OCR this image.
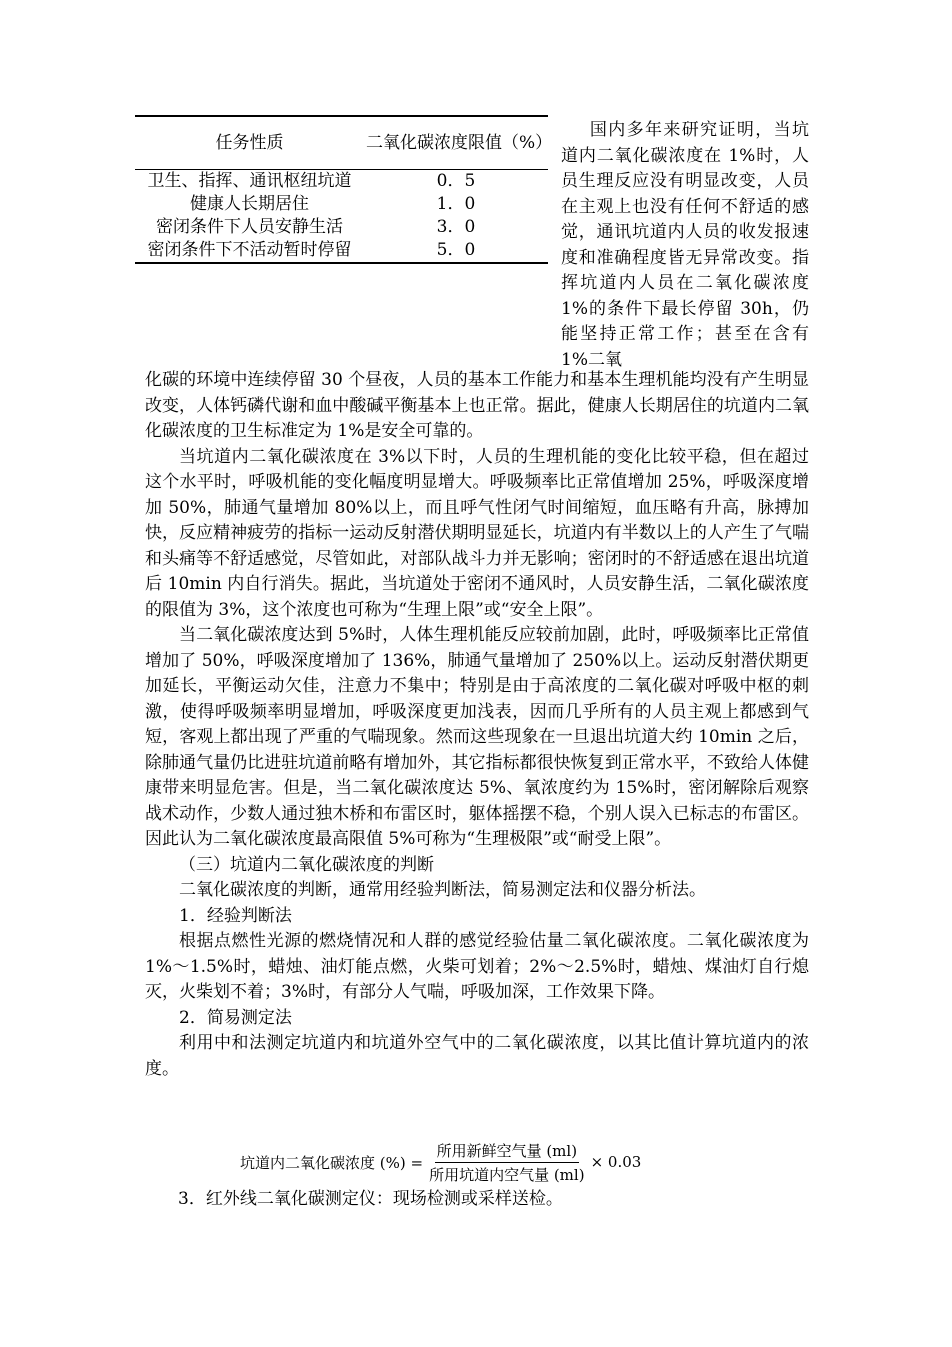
任务性质	二氧化碳浓度限值（%）
卫生、指挥、通讯枢纽坑道	0．5
健康人长期居住	1．0
密闭条件下人员安静生活	3．0
密闭条件下不活动暂时停留	5．0

国内多年来研究证明，当坑道内二氧化碳浓度在 1%时，人员生理反应没有明显改变，人员在主观上也没有任何不舒适的感觉，通讯坑道内人员的收发报速度和准确程度皆无异常改变。指挥坑道内人员在二氧化碳浓度 1%的条件下最长停留 30h，仍能坚持正常工作；甚至在含有 1%二氧

化碳的环境中连续停留 30 个昼夜，人员的基本工作能力和基本生理机能均没有产生明显改变，人体钙磷代谢和血中酸碱平衡基本上也正常。据此，健康人长期居住的坑道内二氧化碳浓度的卫生标准定为 1%是安全可靠的。

当坑道内二氧化碳浓度在 3%以下时，人员的生理机能的变化比较平稳，但在超过　　　　　　　这个水平时，呼吸机能的变化幅度明显增大。呼吸频率比正常值增加 25%，呼吸深度增加 50%，肺通气量增加 80%以上，而且呼气性闭气时间缩短，血压略有升高，脉搏加快，反应精神疲劳的指标一运动反射潜伏期明显延长，坑道内有半数以上的人产生了气喘和头痛等不舒适感觉，尽管如此，对部队战斗力并无影响；密闭时的不舒适感在退出坑道后 10min 内自行消失。据此，当坑道处于密闭不通风时，人员安静生活，二氧化碳浓度的限值为 3%，这个浓度也可称为“生理上限”或“安全上限”。

当二氧化碳浓度达到 5%时，人体生理机能反应较前加剧，此时，呼吸频率比正常值增加了 50%，呼吸深度增加了 136%，肺通气量增加了 250%以上。运动反射潜伏期更加延长，平衡运动欠佳，注意力不集中；特别是由于高浓度的二氧化碳对呼吸中枢的刺激，使得呼吸频率明显增加，呼吸深度更加浅表，因而几乎所有的人员主观上都感到气短，客观上都出现了严重的气喘现象。然而这些现象在一旦退出坑道大约 10min 之后，除肺通气量仍比进驻坑道前略有增加外，其它指标都很快恢复到正常水平，不致给人体健康带来明显危害。但是，当二氧化碳浓度达 5%、氧浓度约为 15%时，密闭解除后观察战术动作，少数人通过独木桥和布雷区时，躯体摇摆不稳，个别人误入已标志的布雷区。因此认为二氧化碳浓度最高限值 5%可称为“生理极限”或“耐受上限”。

（三）坑道内二氧化碳浓度的判断

二氧化碳浓度的判断，通常用经验判断法，简易测定法和仪器分析法。

1．经验判断法

根据点燃性光源的燃烧情况和人群的感觉经验估量二氧化碳浓度。二氧化碳浓度为 1%～1.5%时，蜡烛、油灯能点燃，火柴可划着；2%～2.5%时，蜡烛、煤油灯自行熄灭，火柴划不着；3%时，有部分人气喘，呼吸加深，工作效果下降。

2．简易测定法

利用中和法测定坑道内和坑道外空气中的二氧化碳浓度，以其比值计算坑道内的浓度。

坑道内二氧化碳浓度 (%) = $\frac{\text{所用新鲜空气量 (ml)}}{\text{所用坑道内空气量 (ml)}} \times 0.03$

3．红外线二氧化碳测定仪：现场检测或采样送检。
